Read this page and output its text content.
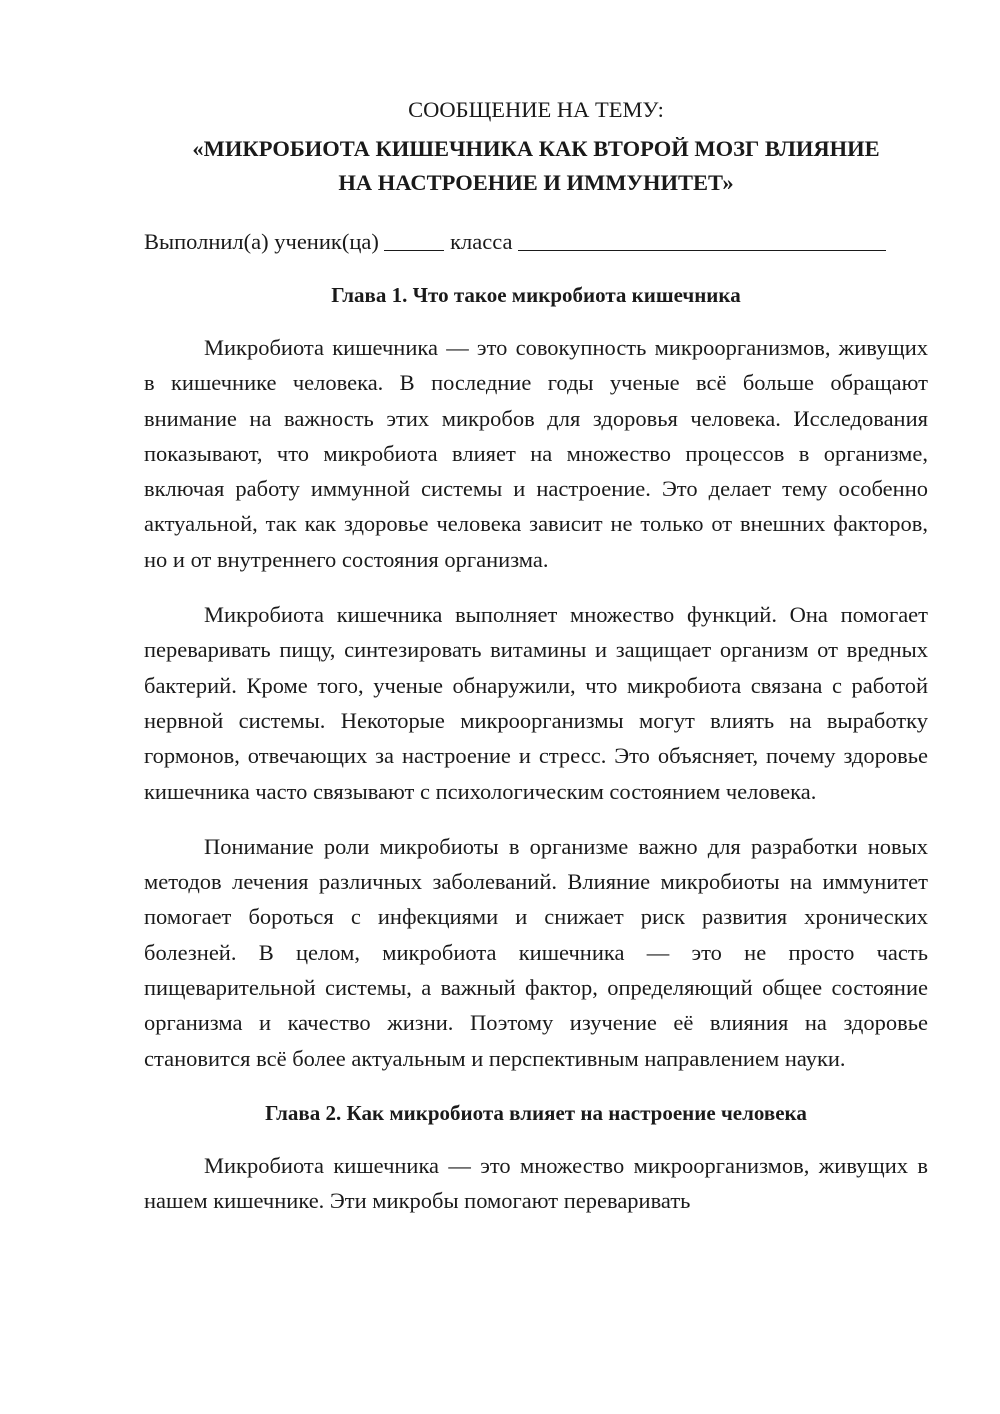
СООБЩЕНИЕ НА ТЕМУ:
«МИКРОБИОТА КИШЕЧНИКА КАК ВТОРОЙ МОЗГ ВЛИЯНИЕ
НА НАСТРОЕНИЕ И ИММУНИТЕТ»
Выполнил(а) ученик(ца)	класса
Глава 1. Что такое микробиота кишечника

Микробиота кишечника — это совокупность микроорганизмов, живущих в кишечнике человека. В последние годы ученые всё больше обращают внимание на важность этих микробов для здоровья человека. Исследования показывают, что микробиота влияет на множество процессов в организме, включая работу иммунной системы и настроение. Это делает тему особенно актуальной, так как здоровье человека зависит не только от внешних факторов, но и от внутреннего состояния организма.

Микробиота кишечника выполняет множество функций. Она помогает переваривать пищу, синтезировать витамины и защищает организм от вредных бактерий. Кроме того, ученые обнаружили, что микробиота связана с работой нервной системы. Некоторые микроорганизмы могут влиять на выработку гормонов, отвечающих за настроение и стресс. Это объясняет, почему здоровье кишечника часто связывают с психологическим состоянием человека.

Понимание роли микробиоты в организме важно для разработки новых методов лечения различных заболеваний. Влияние микробиоты на иммунитет помогает бороться с инфекциями и снижает риск развития хронических болезней. В целом, микробиота кишечника — это не просто часть пищеварительной системы, а важный фактор, определяющий общее состояние организма и качество жизни. Поэтому изучение её влияния на здоровье становится всё более актуальным и перспективным направлением науки.

Глава 2. Как микробиота влияет на настроение человека

Микробиота кишечника — это множество микроорганизмов, живущих в нашем кишечнике. Эти микробы помогают переваривать
